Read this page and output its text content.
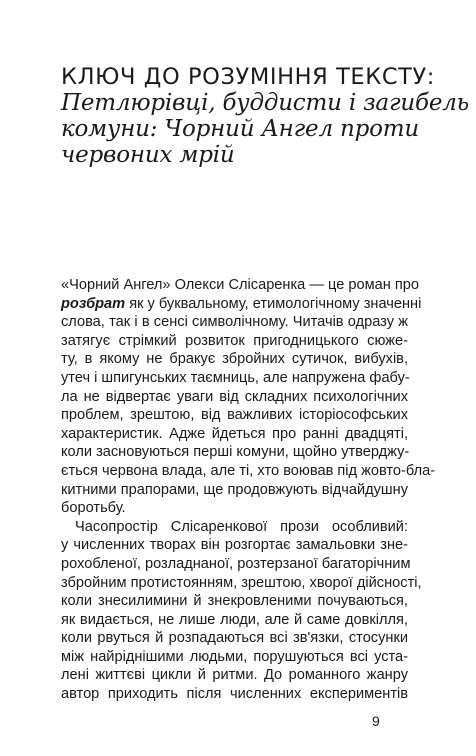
КЛЮЧ ДО РОЗУМІННЯ ТЕКСТУ:
Петлюрівці, буддисти і загибель
комуни: Чорний Ангел проти
червоних мрій
«Чорний Ангел» Олекси Слісаренка — це роман про
розбрат як у буквальному, етимологічному значенні
слова, так і в сенсі символічному. Читачів одразу ж
затягує стрімкий розвиток пригодницького сюже-
ту, в якому не бракує збройних сутичок, вибухів,
утеч і шпигунських таємниць, але напружена фабу-
ла не відвертає уваги від складних психологічних
проблем, зрештою, від важливих історіософських
характеристик. Адже йдеться про ранні двадцяті,
коли засновуються перші комуни, щойно утверджу-
ється червона влада, але ті, хто воював під жовто-бла-
китними прапорами, ще продовжують відчайдушну
боротьбу.
Часопростір Слісаренкової прози особливий:
у численних творах він розгортає замальовки зне-
рохобленої, розладнаної, розтерзаної багаторічним
збройним протистоянням, зрештою, хворої дійсності,
коли знесилимини й знекровленими почуваються,
як видається, не лише люди, але й саме довкілля,
коли рвуться й розпадаються всі зв'язки, стосунки
між найріднішими людьми, порушуються всі уста-
лені життєві цикли й ритми. До романного жанру
автор приходить після численних експериментів
9
